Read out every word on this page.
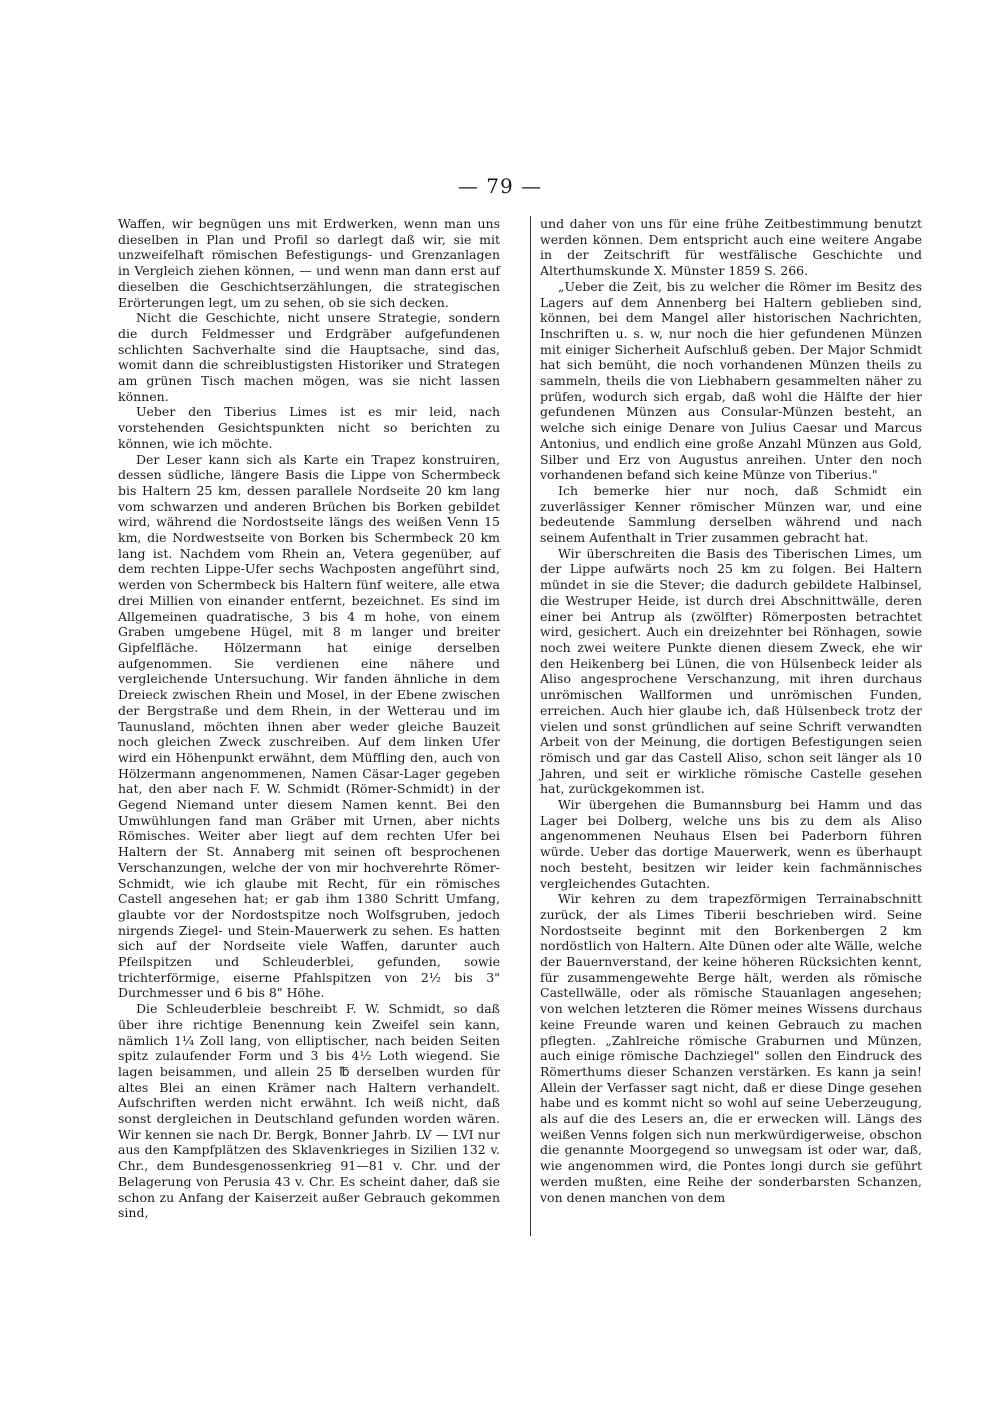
— 79 —

Waffen, wir begnügen uns mit Erdwerken, wenn man uns dieselben in Plan und Profil so darlegt daß wir, sie mit unzweifelhaft römischen Befestigungs- und Grenzanlagen in Vergleich ziehen können, — und wenn man dann erst auf dieselben die Geschichtserzählungen, die strategischen Erörterungen legt, um zu sehen, ob sie sich decken.

Nicht die Geschichte, nicht unsere Strategie, sondern die durch Feldmesser und Erdgräber aufgefundenen schlichten Sachverhalte sind die Hauptsache, sind das, womit dann die schreiblustigsten Historiker und Strategen am grünen Tisch machen mögen, was sie nicht lassen können.

Ueber den Tiberius Limes ist es mir leid, nach vorstehenden Gesichtspunkten nicht so berichten zu können, wie ich möchte.

Der Leser kann sich als Karte ein Trapez konstruiren, dessen südliche, längere Basis die Lippe von Schermbeck bis Haltern 25 km, dessen parallele Nordseite 20 km lang vom schwarzen und anderen Brüchen bis Borken gebildet wird, während die Nordostseite längs des weißen Venn 15 km, die Nordwestseite von Borken bis Schermbeck 20 km lang ist. Nachdem vom Rhein an, Vetera gegenüber, auf dem rechten Lippe-Ufer sechs Wachposten angeführt sind, werden von Schermbeck bis Haltern fünf weitere, alle etwa drei Millien von einander entfernt, bezeichnet. Es sind im Allgemeinen quadratische, 3 bis 4 m hohe, von einem Graben umgebene Hügel, mit 8 m langer und breiter Gipfelfläche. Hölzermann hat einige derselben aufgenommen. Sie verdienen eine nähere und vergleichende Untersuchung. Wir fanden ähnliche in dem Dreieck zwischen Rhein und Mosel, in der Ebene zwischen der Bergstraße und dem Rhein, in der Wetterau und im Taunusland, möchten ihnen aber weder gleiche Bauzeit noch gleichen Zweck zuschreiben. Auf dem linken Ufer wird ein Höhenpunkt erwähnt, dem Müffling den, auch von Hölzermann angenommenen, Namen Cäsar-Lager gegeben hat, den aber nach F. W. Schmidt (Römer-Schmidt) in der Gegend Niemand unter diesem Namen kennt. Bei den Umwühlungen fand man Gräber mit Urnen, aber nichts Römisches. Weiter aber liegt auf dem rechten Ufer bei Haltern der St. Annaberg mit seinen oft besprochenen Verschanzungen, welche der von mir hochverehrte Römer-Schmidt, wie ich glaube mit Recht, für ein römisches Castell angesehen hat; er gab ihm 1380 Schritt Umfang, glaubte vor der Nordostspitze noch Wolfsgruben, jedoch nirgends Ziegel- und Stein-Mauerwerk zu sehen. Es hatten sich auf der Nordseite viele Waffen, darunter auch Pfeilspitzen und Schleuderblei, gefunden, sowie trichterförmige, eiserne Pfahlspitzen von 2½ bis 3" Durchmesser und 6 bis 8" Höhe.

Die Schleuderbleie beschreibt F. W. Schmidt, so daß über ihre richtige Benennung kein Zweifel sein kann, nämlich 1¼ Zoll lang, von elliptischer, nach beiden Seiten spitz zulaufender Form und 3 bis 4½ Loth wiegend. Sie lagen beisammen, und allein 25 ℔ derselben wurden für altes Blei an einen Krämer nach Haltern verhandelt. Aufschriften werden nicht erwähnt. Ich weiß nicht, daß sonst dergleichen in Deutschland gefunden worden wären. Wir kennen sie nach Dr. Bergk, Bonner Jahrb. LV — LVI nur aus den Kampfplätzen des Sklavenkrieges in Sizilien 132 v. Chr., dem Bundesgenossenkrieg 91—81 v. Chr. und der Belagerung von Perusia 43 v. Chr. Es scheint daher, daß sie schon zu Anfang der Kaiserzeit außer Gebrauch gekommen sind,

und daher von uns für eine frühe Zeitbestimmung benutzt werden können. Dem entspricht auch eine weitere Angabe in der Zeitschrift für westfälische Geschichte und Alterthumskunde X. Münster 1859 S. 266.

„Ueber die Zeit, bis zu welcher die Römer im Besitz des Lagers auf dem Annenberg bei Haltern geblieben sind, können, bei dem Mangel aller historischen Nachrichten, Inschriften u. s. w, nur noch die hier gefundenen Münzen mit einiger Sicherheit Aufschluß geben. Der Major Schmidt hat sich bemüht, die noch vorhandenen Münzen theils zu sammeln, theils die von Liebhabern gesammelten näher zu prüfen, wodurch sich ergab, daß wohl die Hälfte der hier gefundenen Münzen aus Consular-Münzen besteht, an welche sich einige Denare von Julius Caesar und Marcus Antonius, und endlich eine große Anzahl Münzen aus Gold, Silber und Erz von Augustus anreihen. Unter den noch vorhandenen befand sich keine Münze von Tiberius."

Ich bemerke hier nur noch, daß Schmidt ein zuverlässiger Kenner römischer Münzen war, und eine bedeutende Sammlung derselben während und nach seinem Aufenthalt in Trier zusammen gebracht hat.

Wir überschreiten die Basis des Tiberischen Limes, um der Lippe aufwärts noch 25 km zu folgen. Bei Haltern mündet in sie die Stever; die dadurch gebildete Halbinsel, die Westruper Heide, ist durch drei Abschnittwälle, deren einer bei Antrup als (zwölfter) Römerposten betrachtet wird, gesichert. Auch ein dreizehnter bei Rönhagen, sowie noch zwei weitere Punkte dienen diesem Zweck, ehe wir den Heikenberg bei Lünen, die von Hülsenbeck leider als Aliso angesprochene Verschanzung, mit ihren durchaus unrömischen Wallformen und unrömischen Funden, erreichen. Auch hier glaube ich, daß Hülsenbeck trotz der vielen und sonst gründlichen auf seine Schrift verwandten Arbeit von der Meinung, die dortigen Befestigungen seien römisch und gar das Castell Aliso, schon seit länger als 10 Jahren, und seit er wirkliche römische Castelle gesehen hat, zurückgekommen ist.

Wir übergehen die Bumannsburg bei Hamm und das Lager bei Dolberg, welche uns bis zu dem als Aliso angenommenen Neuhaus Elsen bei Paderborn führen würde. Ueber das dortige Mauerwerk, wenn es überhaupt noch besteht, besitzen wir leider kein fachmännisches vergleichendes Gutachten.

Wir kehren zu dem trapezförmigen Terrainabschnitt zurück, der als Limes Tiberii beschrieben wird. Seine Nordostseite beginnt mit den Borkenbergen 2 km nordöstlich von Haltern. Alte Dünen oder alte Wälle, welche der Bauernverstand, der keine höheren Rücksichten kennt, für zusammengewehte Berge hält, werden als römische Castellwälle, oder als römische Stauanlagen angesehen; von welchen letzteren die Römer meines Wissens durchaus keine Freunde waren und keinen Gebrauch zu machen pflegten. „Zahlreiche römische Graburnen und Münzen, auch einige römische Dachziegel" sollen den Eindruck des Römerthums dieser Schanzen verstärken. Es kann ja sein! Allein der Verfasser sagt nicht, daß er diese Dinge gesehen habe und es kommt nicht so wohl auf seine Ueberzeugung, als auf die des Lesers an, die er erwecken will. Längs des weißen Venns folgen sich nun merkwürdigerweise, obschon die genannte Moorgegend so unwegsam ist oder war, daß, wie angenommen wird, die Pontes longi durch sie geführt werden mußten, eine Reihe der sonderbarsten Schanzen, von denen manchen von dem
